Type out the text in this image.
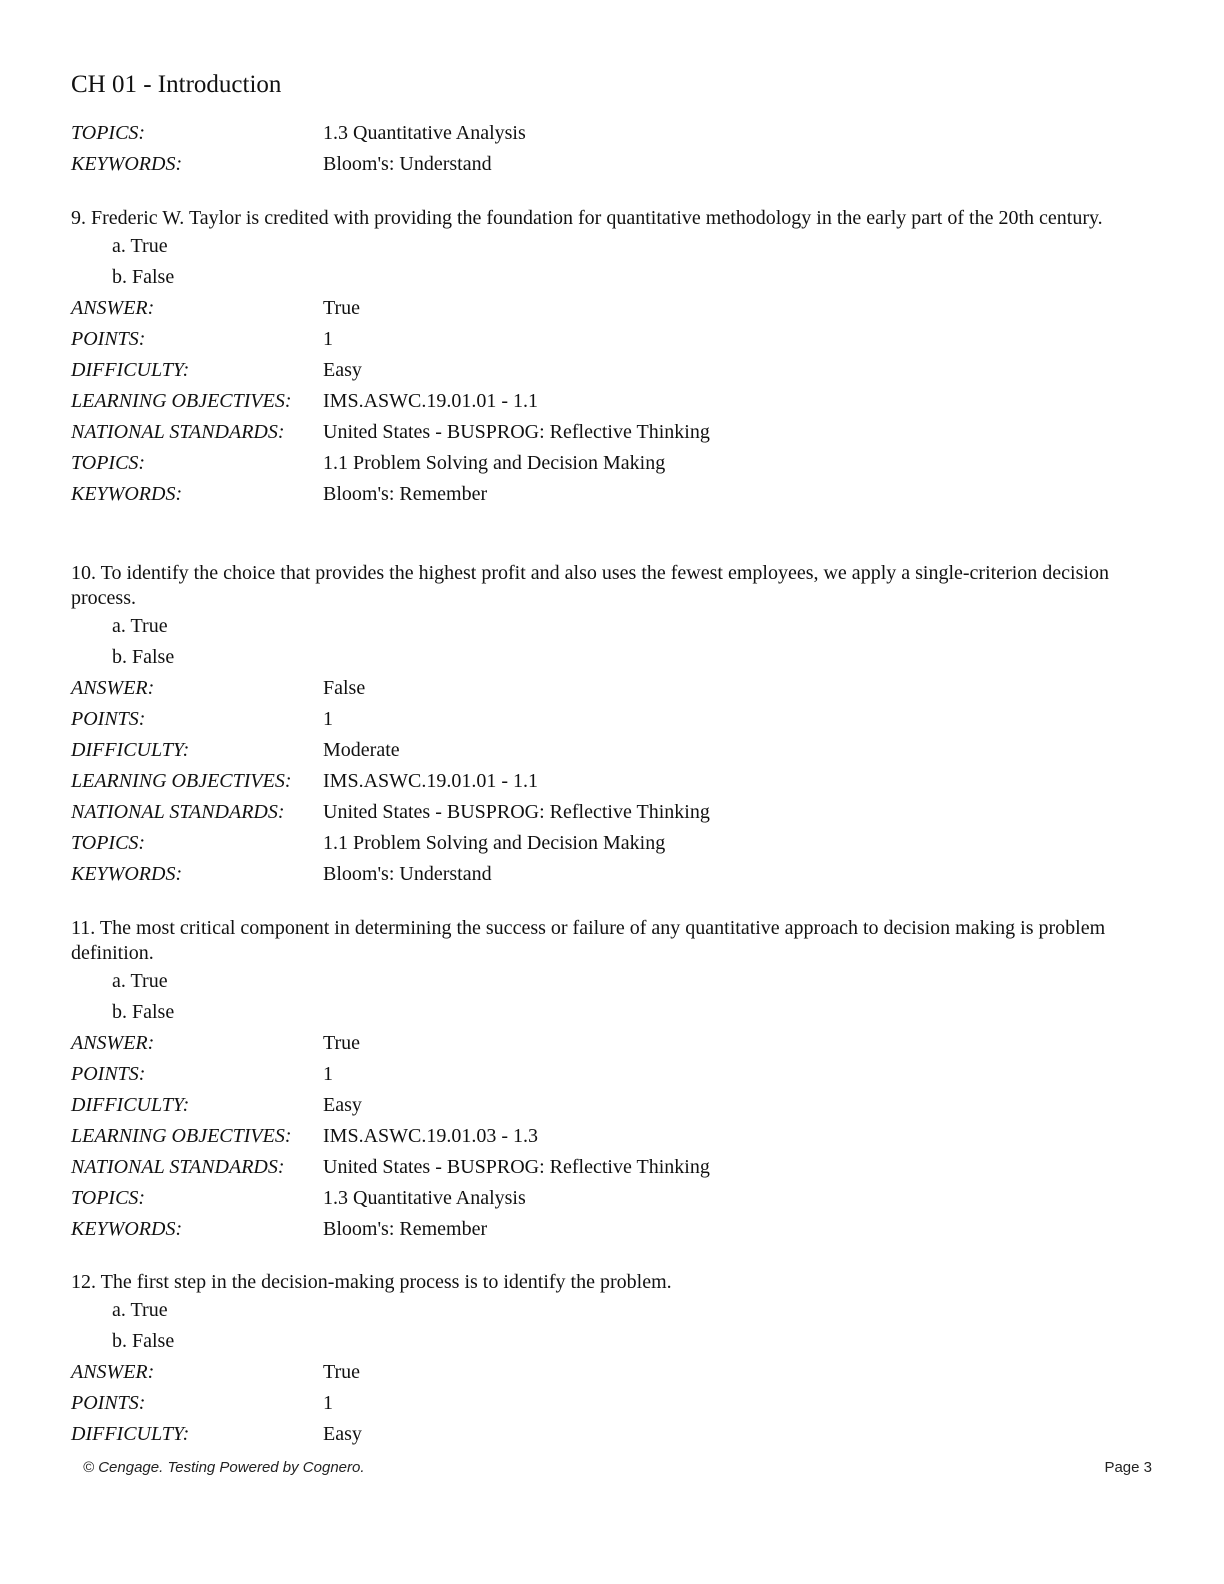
CH 01 - Introduction
TOPICS:	1.3 Quantitative Analysis
KEYWORDS:	Bloom's: Understand

9. Frederic W. Taylor is credited with providing the foundation for quantitative methodology in the early part of the 20th century.

a. True
b. False
ANSWER:	True
POINTS:	1
DIFFICULTY:	Easy
LEARNING OBJECTIVES:	IMS.ASWC.19.01.01 - 1.1
NATIONAL STANDARDS:	United States - BUSPROG: Reflective Thinking
TOPICS:	1.1 Problem Solving and Decision Making
KEYWORDS:	Bloom's: Remember

10. To identify the choice that provides the highest profit and also uses the fewest employees, we apply a single-criterion decision process.

a. True
b. False
ANSWER:	False
POINTS:	1
DIFFICULTY:	Moderate
LEARNING OBJECTIVES:	IMS.ASWC.19.01.01 - 1.1
NATIONAL STANDARDS:	United States - BUSPROG: Reflective Thinking
TOPICS:	1.1 Problem Solving and Decision Making
KEYWORDS:	Bloom's: Understand

11. The most critical component in determining the success or failure of any quantitative approach to decision making is problem definition.

a. True
b. False
ANSWER:	True
POINTS:	1
DIFFICULTY:	Easy
LEARNING OBJECTIVES:	IMS.ASWC.19.01.03 - 1.3
NATIONAL STANDARDS:	United States - BUSPROG: Reflective Thinking
TOPICS:	1.3 Quantitative Analysis
KEYWORDS:	Bloom's: Remember

12. The first step in the decision-making process is to identify the problem.

a. True
b. False
ANSWER:	True
POINTS:	1
DIFFICULTY:	Easy
© Cengage. Testing Powered by Cognero.	Page 3
